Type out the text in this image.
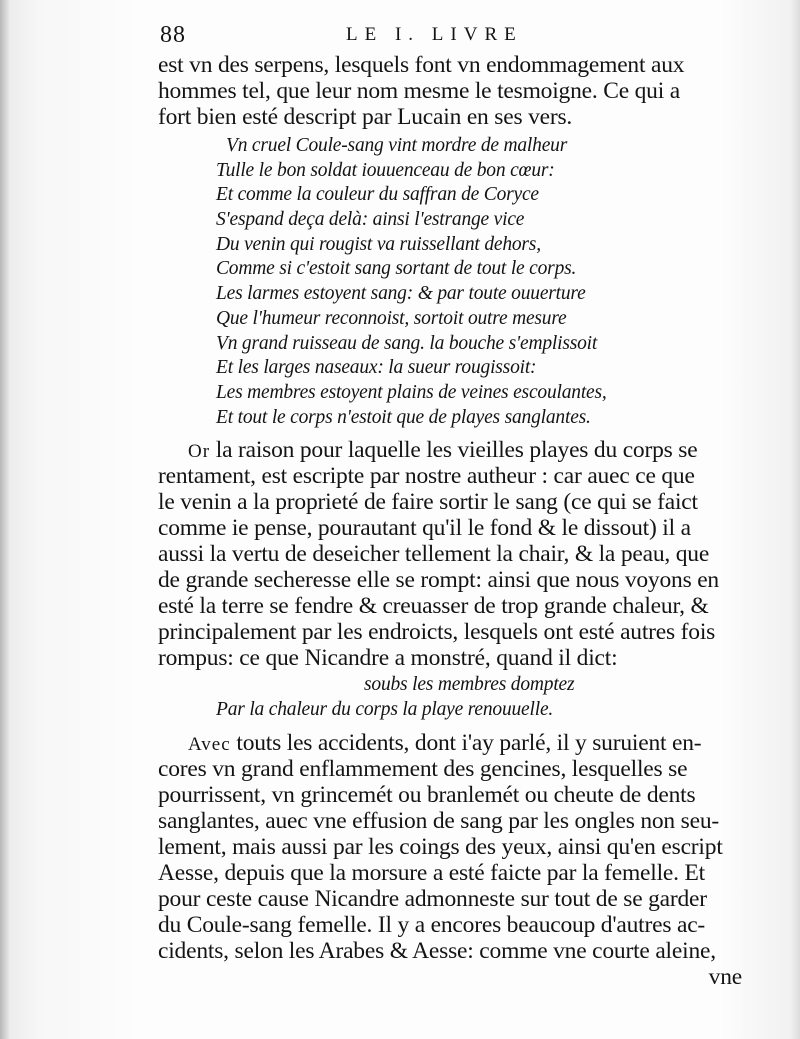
88	LE I. LIVRE
est vn des serpens, lesquels font vn endommagement aux
hommes tel, que leur nom mesme le tesmoigne. Ce qui a
fort bien esté descript par Lucain en ses vers.
Vn cruel Coule-sang vint mordre de malheur
Tulle le bon soldat iouuenceau de bon cœur:
Et comme la couleur du saffran de Coryce
S'espand deça delà: ainsi l'estrange vice
Du venin qui rougist va ruissellant dehors,
Comme si c'estoit sang sortant de tout le corps.
Les larmes estoyent sang: & par toute ouuerture
Que l'humeur reconnoist, sortoit outre mesure
Vn grand ruisseau de sang. la bouche s'emplissoit
Et les larges naseaux: la sueur rougissoit:
Les membres estoyent plains de veines escoulantes,
Et tout le corps n'estoit que de playes sanglantes.
Or la raison pour laquelle les vieilles playes du corps se
rentament, est escripte par nostre autheur : car auec ce que
le venin a la proprieté de faire sortir le sang (ce qui se faict
comme ie pense, pourautant qu'il le fond & le dissout) il a
aussi la vertu de deseicher tellement la chair, & la peau, que
de grande secheresse elle se rompt: ainsi que nous voyons en
esté la terre se fendre & creuasser de trop grande chaleur, &
principalement par les endroicts, lesquels ont esté autres fois
rompus: ce que Nicandre a monstré, quand il dict:
soubs les membres domptez
Par la chaleur du corps la playe renouuelle.
Avec touts les accidents, dont i'ay parlé, il y suruient en-
cores vn grand enflammement des gencines, lesquelles se
pourrissent, vn grincemét ou branlemét ou cheute de dents
sanglantes, auec vne effusion de sang par les ongles non seu-
lement, mais aussi par les coings des yeux, ainsi qu'en escript
Aesse, depuis que la morsure a esté faicte par la femelle. Et
pour ceste cause Nicandre admonneste sur tout de se garder
du Coule-sang femelle. Il y a encores beaucoup d'autres ac-
cidents, selon les Arabes & Aesse: comme vne courte aleine,
vne
